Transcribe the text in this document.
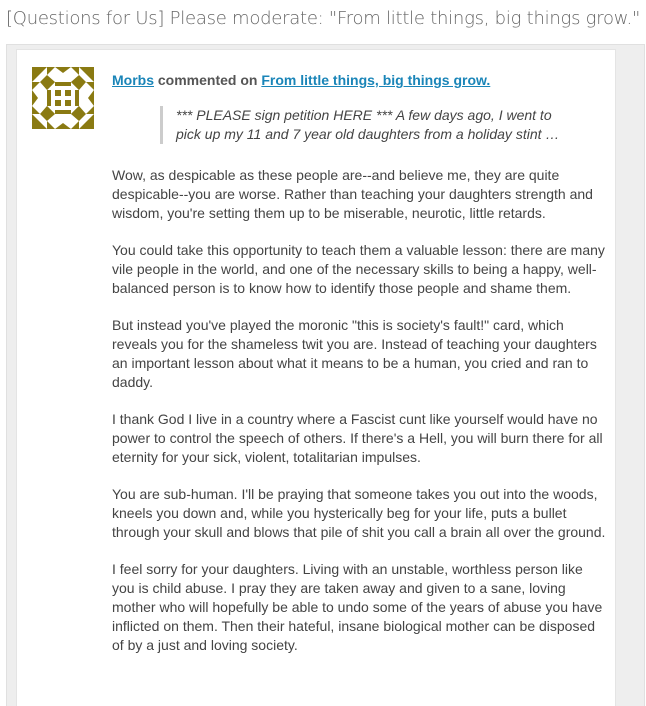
[Questions for Us] Please moderate: "From little things, big things grow."
Morbs commented on From little things, big things grow.

*** PLEASE sign petition HERE *** A few days ago, I went to

pick up my 11 and 7 year old daughters from a holiday stint …

Wow, as despicable as these people are--and believe me, they are quite despicable--you are worse. Rather than teaching your daughters strength and wisdom, you're setting them up to be miserable, neurotic, little retards.

You could take this opportunity to teach them a valuable lesson: there are many vile people in the world, and one of the necessary skills to being a happy, well-balanced person is to know how to identify those people and shame them.

But instead you've played the moronic "this is society's fault!" card, which reveals you for the shameless twit you are. Instead of teaching your daughters an important lesson about what it means to be a human, you cried and ran to daddy.

I thank God I live in a country where a Fascist cunt like yourself would have no power to control the speech of others. If there's a Hell, you will burn there for all eternity for your sick, violent, totalitarian impulses.

You are sub-human. I'll be praying that someone takes you out into the woods, kneels you down and, while you hysterically beg for your life, puts a bullet through your skull and blows that pile of shit you call a brain all over the ground.

I feel sorry for your daughters. Living with an unstable, worthless person like you is child abuse. I pray they are taken away and given to a sane, loving mother who will hopefully be able to undo some of the years of abuse you have inflicted on them. Then their hateful, insane biological mother can be disposed of by a just and loving society.
